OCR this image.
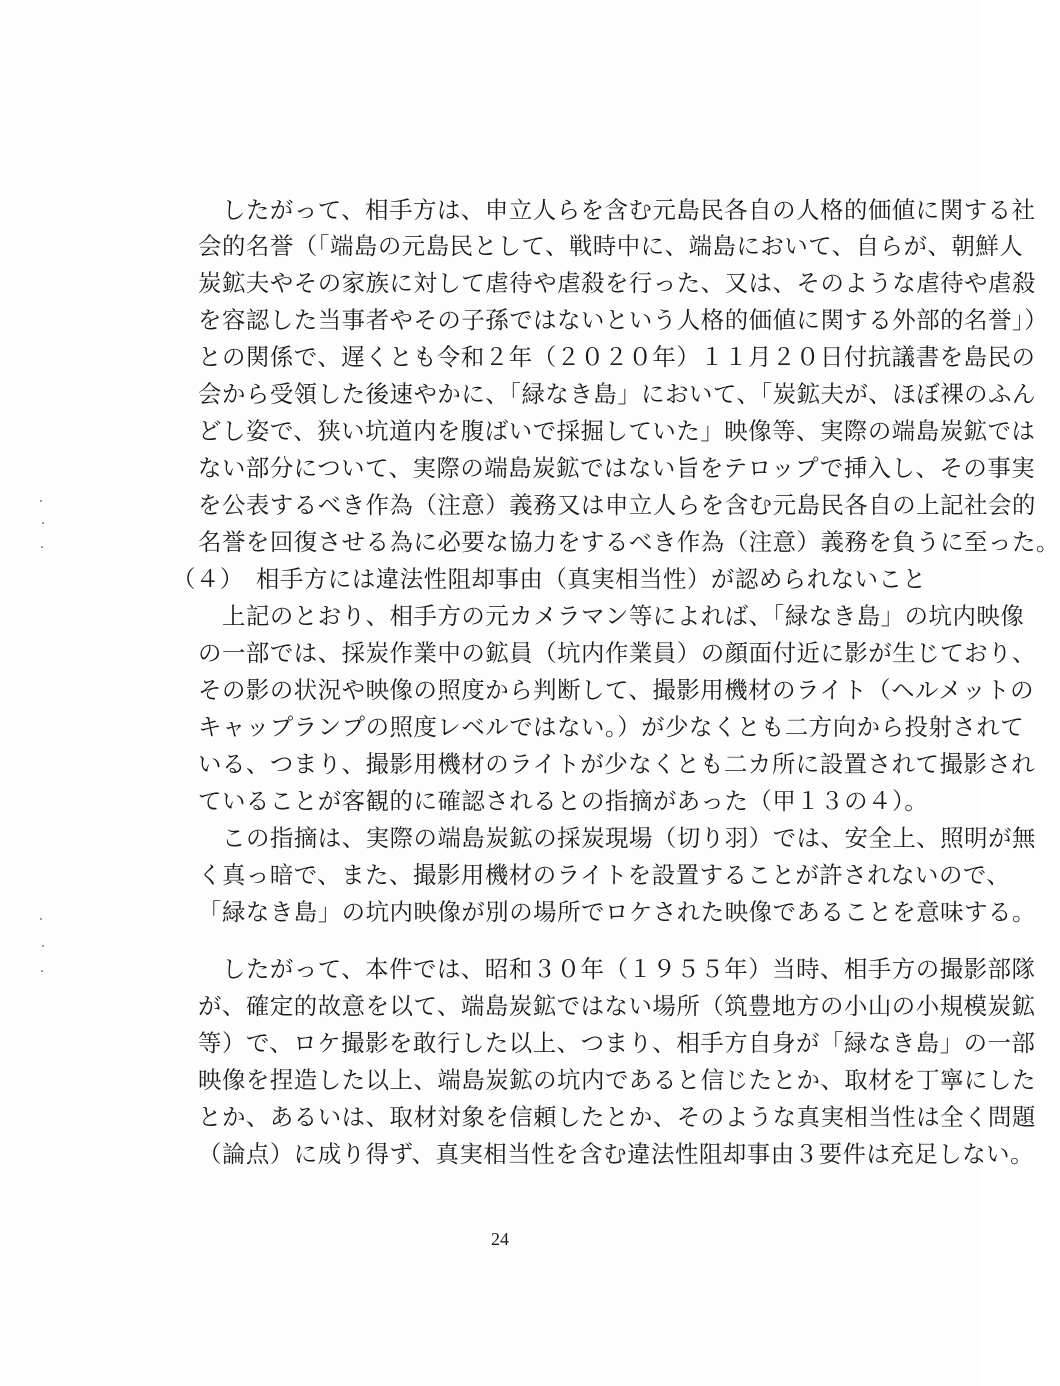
したがって、相手方は、申立人らを含む元島民各自の人格的価値に関する社
会的名誉（「端島の元島民として、戦時中に、端島において、自らが、朝鮮人
炭鉱夫やその家族に対して虐待や虐殺を行った、又は、そのような虐待や虐殺
を容認した当事者やその子孫ではないという人格的価値に関する外部的名誉」）
との関係で、遅くとも令和２年（２０２０年）１１月２０日付抗議書を島民の
会から受領した後速やかに、「緑なき島」において、「炭鉱夫が、ほぼ裸のふん
どし姿で、狭い坑道内を腹ばいで採掘していた」映像等、実際の端島炭鉱では
ない部分について、実際の端島炭鉱ではない旨をテロップで挿入し、その事実
を公表するべき作為（注意）義務又は申立人らを含む元島民各自の上記社会的
名誉を回復させる為に必要な協力をするべき作為（注意）義務を負うに至った。
（４）　相手方には違法性阻却事由（真実相当性）が認められないこと
上記のとおり、相手方の元カメラマン等によれば、「緑なき島」の坑内映像
の一部では、採炭作業中の鉱員（坑内作業員）の顔面付近に影が生じており、
その影の状況や映像の照度から判断して、撮影用機材のライト（ヘルメットの
キャップランプの照度レベルではない。）が少なくとも二方向から投射されて
いる、つまり、撮影用機材のライトが少なくとも二カ所に設置されて撮影され
ていることが客観的に確認されるとの指摘があった（甲１３の４）。
この指摘は、実際の端島炭鉱の採炭現場（切り羽）では、安全上、照明が無
く真っ暗で、また、撮影用機材のライトを設置することが許されないので、
「緑なき島」の坑内映像が別の場所でロケされた映像であることを意味する。
したがって、本件では、昭和３０年（１９５５年）当時、相手方の撮影部隊
が、確定的故意を以て、端島炭鉱ではない場所（筑豊地方の小山の小規模炭鉱
等）で、ロケ撮影を敢行した以上、つまり、相手方自身が「緑なき島」の一部
映像を捏造した以上、端島炭鉱の坑内であると信じたとか、取材を丁寧にした
とか、あるいは、取材対象を信頼したとか、そのような真実相当性は全く問題
（論点）に成り得ず、真実相当性を含む違法性阻却事由３要件は充足しない。
24
